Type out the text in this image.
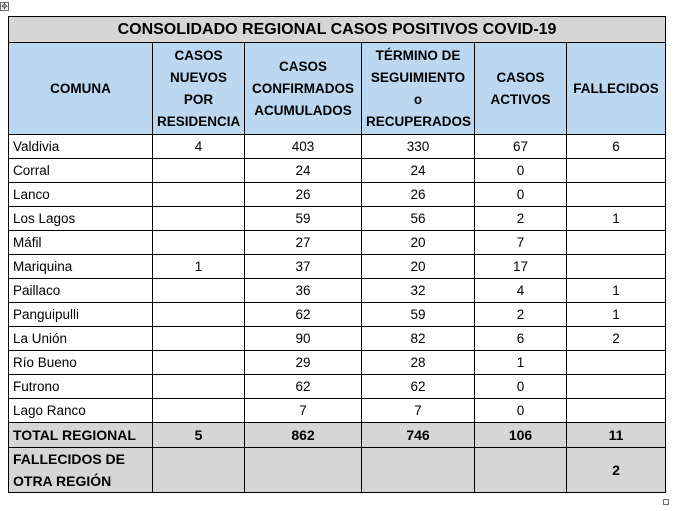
✥
CONSOLIDADO REGIONAL CASOS POSITIVOS COVID-19					
COMUNA	CASOS
NUEVOS
POR
RESIDENCIA	CASOS
CONFIRMADOS
ACUMULADOS	TÉRMINO DE
SEGUIMIENTO
o
RECUPERADOS	CASOS
ACTIVOS	FALLECIDOS
Valdivia	4	403	330	67	6
Corral		24	24	0	
Lanco		26	26	0	
Los Lagos		59	56	2	1
Máfil		27	20	7	
Mariquina	1	37	20	17	
Paillaco		36	32	4	1
Panguipulli		62	59	2	1
La Unión		90	82	6	2
Río Bueno		29	28	1	
Futrono		62	62	0	
Lago Ranco		7	7	0	
TOTAL REGIONAL	5	862	746	106	11
FALLECIDOS DE
OTRA REGIÓN					2
